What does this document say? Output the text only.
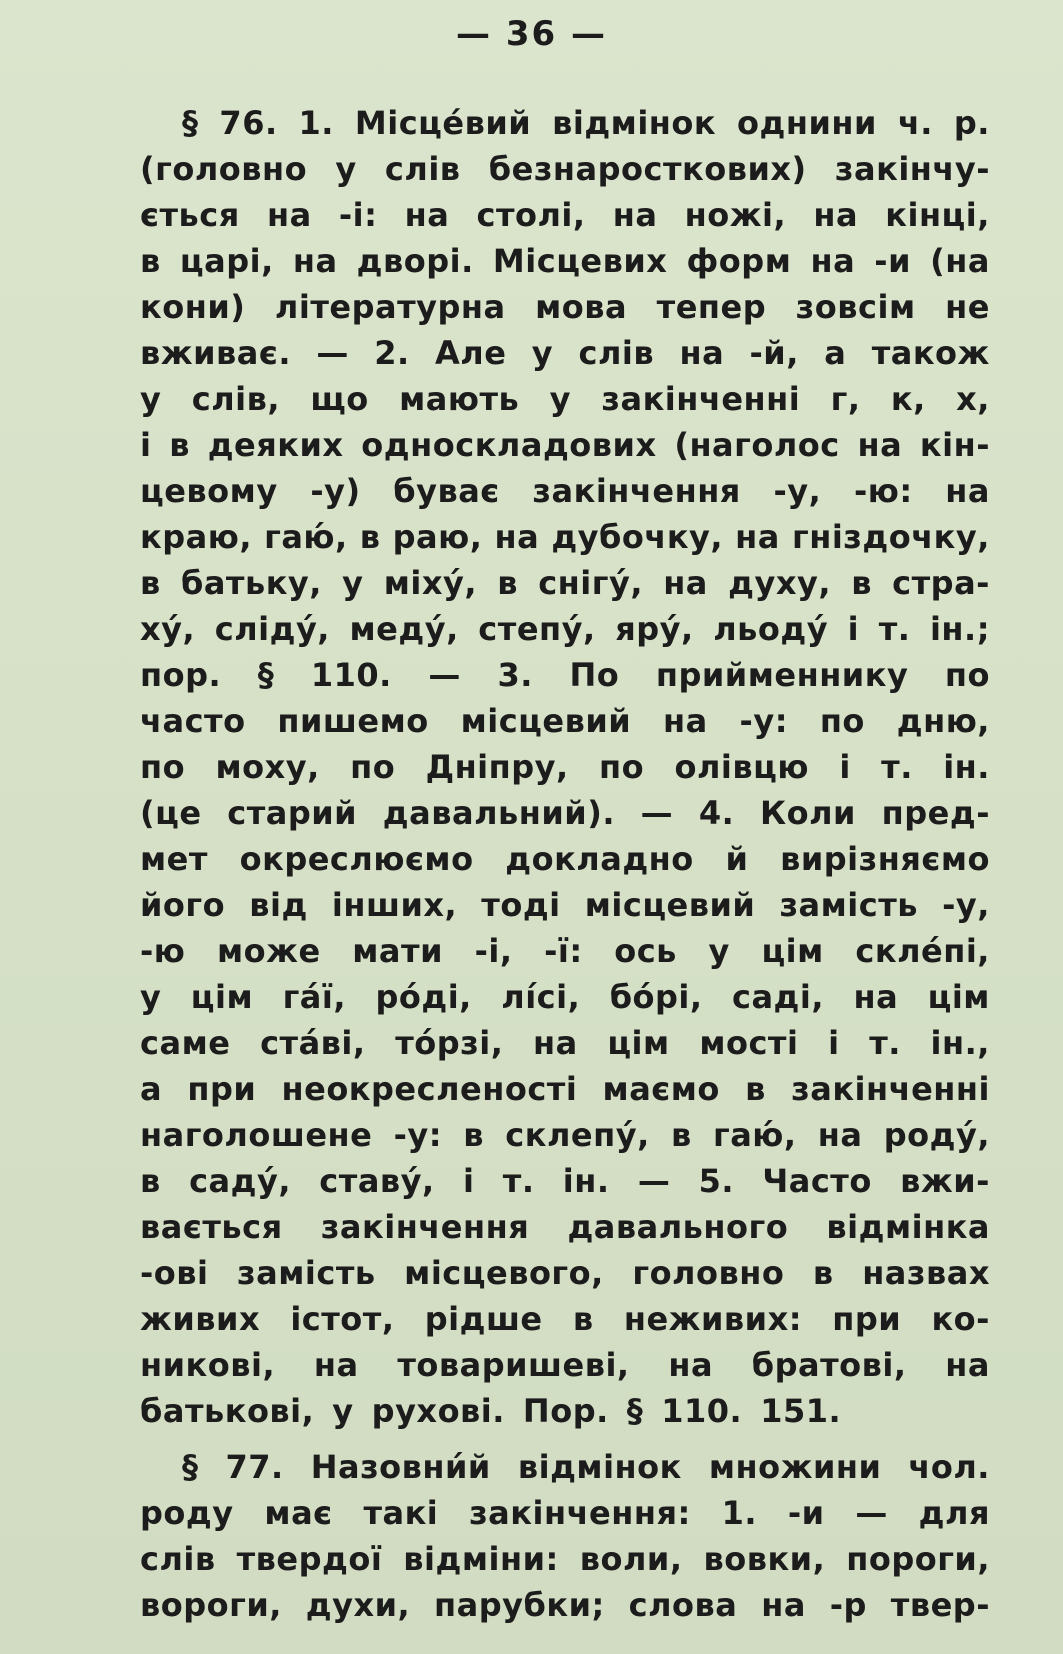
— 36 —
§ 76. 1. Місцéвий відмінок однини ч. р.
(головно у слів безнаросткових) закінчу-
ється на -і: на столі, на ножі, на кінці,
в царі, на дворі. Місцевих форм на -и (на
кони) літературна мова тепер зовсім не
вживає. — 2. Але у слів на -й, а також
у слів, що мають у закінченні г, к, х,
і в деяких односкладових (наголос на кін-
цевому -у) буває закінчення -у, -ю: на
краю, гаю́, в раю, на дубочку, на гніздочку,
в батьку, у міху́, в снігу́, на духу, в стра-
ху́, сліду́, меду́, степу́, яру́, льоду́ і т. ін.;
пор. § 110. — 3. По прийменнику по
часто пишемо місцевий на -у: по дню,
по моху, по Дніпру, по олівцю і т. ін.
(це старий давальний). — 4. Коли пред-
мет окреслюємо докладно й вирізняємо
його від інших, тоді місцевий замість -у,
-ю може мати -і, -ї: ось у цім скле́пі,
у цім га́ї, ро́ді, лі́сі, бо́рі, саді, на цім
саме ста́ві, то́рзі, на цім мості і т. ін.,
а при неокресленості маємо в закінченні
наголошене -у: в склепу́, в гаю́, на роду́,
в саду́, ставу́, і т. ін. — 5. Часто вжи-
вається закінчення давального відмінка
-ові замість місцевого, головно в назвах
живих істот, рідше в неживих: при ко-
никові, на товаришеві, на братові, на
батькові, у рухові. Пор. § 110. 151.
§ 77. Назовни́й відмінок множини чол.
роду має такі закінчення: 1. -и — для
слів твердої відміни: воли, вовки, пороги,
вороги, духи, парубки; слова на -р твер-
